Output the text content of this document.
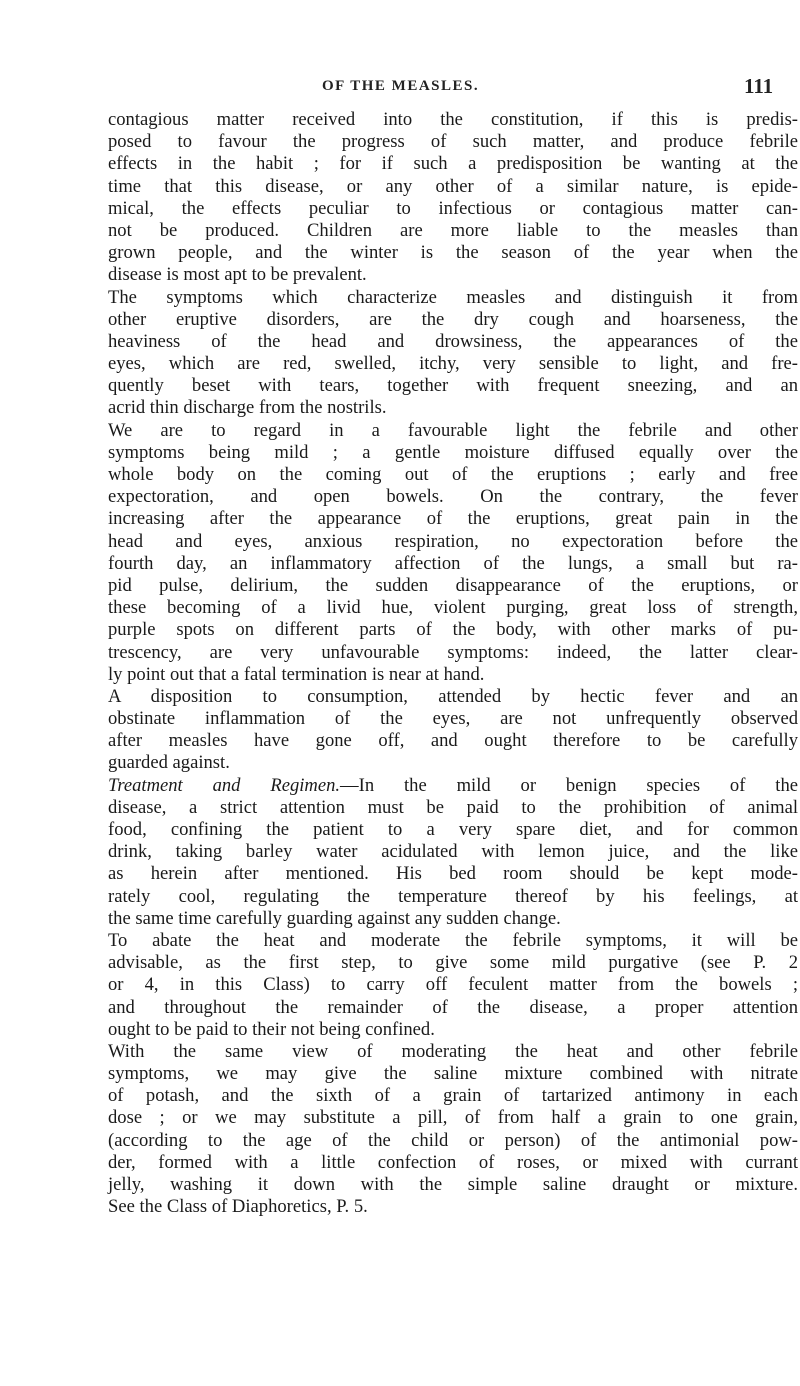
OF THE MEASLES.	111
contagious matter received into the constitution, if this is predis-
posed to favour the progress of such matter, and produce febrile
effects in the habit ; for if such a predisposition be wanting at the
time that this disease, or any other of a similar nature, is epide-
mical, the effects peculiar to infectious or contagious matter can-
not be produced. Children are more liable to the measles than
grown people, and the winter is the season of the year when the
disease is most apt to be prevalent.
The symptoms which characterize measles and distinguish it from
other eruptive disorders, are the dry cough and hoarseness, the
heaviness of the head and drowsiness, the appearances of the
eyes, which are red, swelled, itchy, very sensible to light, and fre-
quently beset with tears, together with frequent sneezing, and an
acrid thin discharge from the nostrils.
We are to regard in a favourable light the febrile and other
symptoms being mild ; a gentle moisture diffused equally over the
whole body on the coming out of the eruptions ; early and free
expectoration, and open bowels. On the contrary, the fever
increasing after the appearance of the eruptions, great pain in the
head and eyes, anxious respiration, no expectoration before the
fourth day, an inflammatory affection of the lungs, a small but ra-
pid pulse, delirium, the sudden disappearance of the eruptions, or
these becoming of a livid hue, violent purging, great loss of strength,
purple spots on different parts of the body, with other marks of pu-
trescency, are very unfavourable symptoms: indeed, the latter clear-
ly point out that a fatal termination is near at hand.
A disposition to consumption, attended by hectic fever and an
obstinate inflammation of the eyes, are not unfrequently observed
after measles have gone off, and ought therefore to be carefully
guarded against.
Treatment and Regimen.—In the mild or benign species of the
disease, a strict attention must be paid to the prohibition of animal
food, confining the patient to a very spare diet, and for common
drink, taking barley water acidulated with lemon juice, and the like
as herein after mentioned. His bed room should be kept mode-
rately cool, regulating the temperature thereof by his feelings, at
the same time carefully guarding against any sudden change.
To abate the heat and moderate the febrile symptoms, it will be
advisable, as the first step, to give some mild purgative (see P. 2
or 4, in this Class) to carry off feculent matter from the bowels ;
and throughout the remainder of the disease, a proper attention
ought to be paid to their not being confined.
With the same view of moderating the heat and other febrile
symptoms, we may give the saline mixture combined with nitrate
of potash, and the sixth of a grain of tartarized antimony in each
dose ; or we may substitute a pill, of from half a grain to one grain,
(according to the age of the child or person) of the antimonial pow-
der, formed with a little confection of roses, or mixed with currant
jelly, washing it down with the simple saline draught or mixture.
See the Class of Diaphoretics, P. 5.
